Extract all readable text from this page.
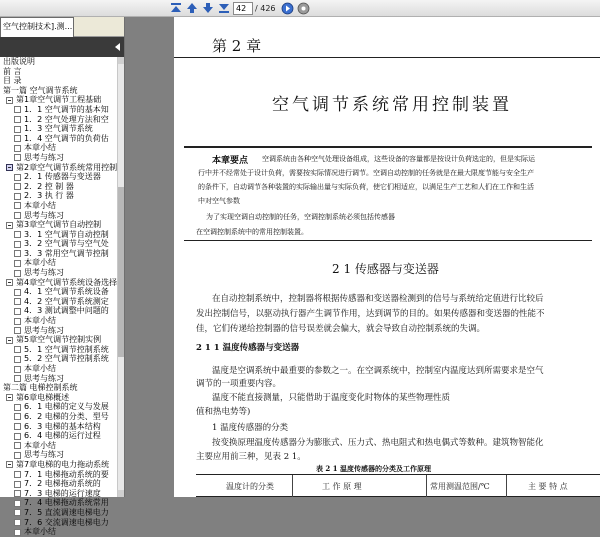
42	/ 426
空气控制技术].测...
出版说明
前 言
目 录
第一篇 空气调节系统
第1章空气调节工程基础
1．1 空气调节的基本知
1．2 空气处理方法和空
1．3 空气调节系统
1．4 空气调节的负荷估
本章小结
思考与练习
第2章空气调节系统常用控制
2．1 传感器与变送器
2．2 控 制 器
2．3 执 行 器
本章小结
思考与练习
第3章空气调节自动控制
3．1 空气调节自动控制
3．2 空气调节与空气处
3．3 常用空气调节控制
本章小结
思考与练习
第4章空气调节系统设备选择
4．1 空气调节系统设备
4．2 空气调节系统测定
4．3 测试调整中问题的
本章小结
思考与练习
第5章空气调节控制实例
5．1 空气调节控制系统
5．2 空气调节控制系统
本章小结
思考与练习
第二篇 电梯控制系统
第6章电梯概述
6．1 电梯的定义与发展
6．2 电梯的分类、型号
6．3 电梯的基本结构
6．4 电梯的运行过程
本章小结
思考与练习
第7章电梯的电力拖动系统
7．1 电梯拖动系统的要
7．2 电梯拖动系统的
7．3 电梯的运行速度
7．4 电梯拖动系统常用
7．5 直流调速电梯电力
7．6 交流调速电梯电力
本章小结
第 2 章
空气调节系统常用控制装置
本章要点 空调系统由各种空气处理设备组成，这些设备的容量都是按设计负荷选定的，但是实际运
行中并不经常处于设计负荷，需要按实际情况进行调节。空调自动控制的任务就是在最大限度节能与安全生产
的条件下，自动调节各种装置的实际输出量与实际负荷，使它们相适应，以满足生产工艺和人们在工作和生活
中对空气参数
为了实现空调自动控制的任务，空调控制系统必须包括传感器
在空调控制系统中的常用控制装置。
2 1 传感器与变送器
在自动控制系统中，控制器将根据传感器和变送器检测到的信号与系统给定值进行比较后
发出控制信号，以驱动执行器产生调节作用，达到调节的目的。如果传感器和变送器的性能不
佳，它们传递给控制器的信号误差就会偏大，就会导致自动控制系统的失调。
2 1 1 温度传感器与变送器
温度是空调系统中最重要的参数之一。在空调系统中，控制室内温度达到所需要求是空气
调节的一项重要内容。
温度不能直接测量，只能借助于温度变化时物体的某些物理性质
值和热电势等)
1 温度传感器的分类
按变换原理温度传感器分为膨胀式、压力式、热电阻式和热电偶式等数种。建筑物智能化
主要应用前三种，见表 2 1。
表 2 1 温度传感器的分类及工作原理
温度计的分类	工 作 原 理	常用测温范围/℃	主 要 特 点
